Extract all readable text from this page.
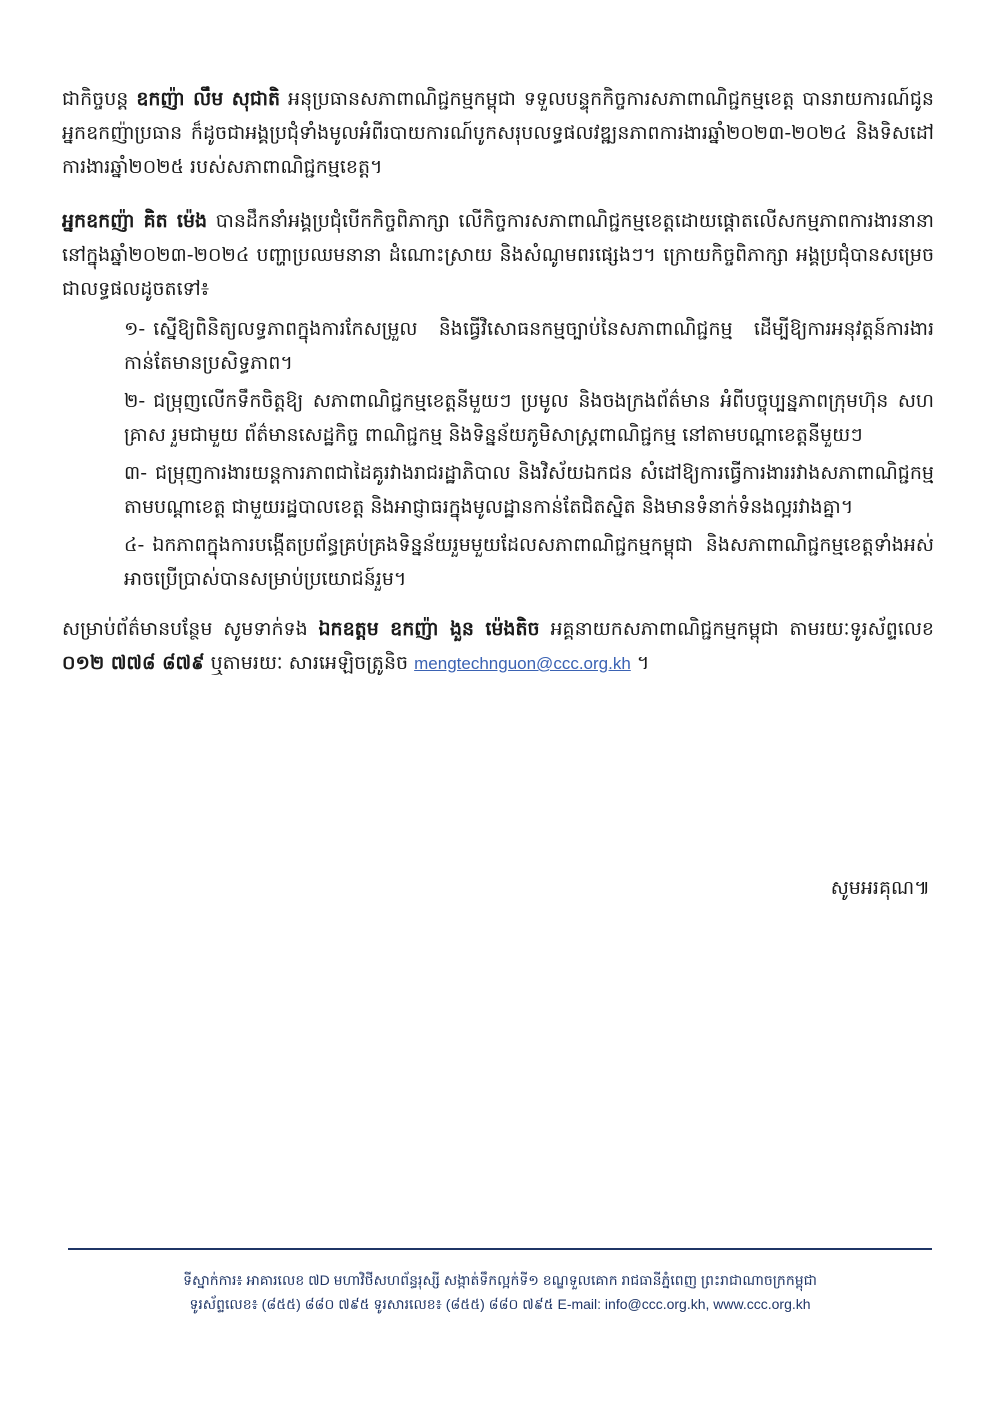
ជាកិច្ចបន្ត ឧកញ៉ា លឹម សុជាតិ អនុប្រធានសភាពាណិជ្ជកម្មកម្ពុជា ទទួលបន្ទុកកិច្ចការសភាពាណិជ្ជកម្មខេត្ត បានរាយការណ៍ជូន អ្នកឧកញ៉ាប្រធាន ក៏ដូចជាអង្គប្រជុំទាំងមូលអំពីរបាយការណ៍បូកសរុបលទ្ធផលវឌ្ឍនភាពការងារឆ្នាំ២០២៣-២០២៤ និងទិសដៅការងារឆ្នាំ២០២៥ របស់សភាពាណិជ្ជកម្មខេត្ត។

អ្នកឧកញ៉ា គិត ម៉េង បានដឹកនាំអង្គប្រជុំបើកកិច្ចពិភាក្សា លើកិច្ចការសភាពាណិជ្ជកម្មខេត្តដោយផ្តោតលើសកម្មភាពការងារនានានៅក្នុងឆ្នាំ២០២៣-២០២៤ បញ្ហាប្រឈមនានា ដំណោះស្រាយ និងសំណូមពរផ្សេងៗ។ ក្រោយកិច្ចពិភាក្សា អង្គប្រជុំបានសម្រេចជាលទ្ធផលដូចតទៅ៖

១- ស្នើឱ្យពិនិត្យលទ្ធភាពក្នុងការកែសម្រួល និងធ្វើវិសោធនកម្មច្បាប់នៃសភាពាណិជ្ជកម្ម ដើម្បីឱ្យការអនុវត្តន៍ការងារកាន់តែមានប្រសិទ្ធភាព។

២- ជម្រុញលើកទឹកចិត្តឱ្យ សភាពាណិជ្ជកម្មខេត្តនីមួយៗ ប្រមូល និងចងក្រងព័ត៌មាន អំពីបច្ចុប្បន្នភាពក្រុមហ៊ុន សហគ្រាស រួមជាមួយ ព័ត៌មានសេដ្ឋកិច្ច ពាណិជ្ជកម្ម និងទិន្នន័យភូមិសាស្ត្រពាណិជ្ជកម្ម នៅតាមបណ្តាខេត្តនីមួយៗ

៣- ជម្រុញការងារយន្តការភាពជាដៃគូរវាងរាជរដ្ឋាភិបាល និងវិស័យឯកជន សំដៅឱ្យការធ្វើការងាររវាងសភាពាណិជ្ជកម្មតាមបណ្តាខេត្ត ជាមួយរដ្ឋបាលខេត្ត និងអាជ្ញាធរក្នុងមូលដ្ឋានកាន់តែជិតស្និត និងមានទំនាក់ទំនងល្អរវាងគ្នា។

៤- ឯកភាពក្នុងការបង្កើតប្រព័ន្ធគ្រប់គ្រងទិន្នន័យរួមមួយដែលសភាពាណិជ្ជកម្មកម្ពុជា និងសភាពាណិជ្ជកម្មខេត្តទាំងអស់អាចប្រើប្រាស់បានសម្រាប់ប្រយោជន៍រួម។

សម្រាប់ព័ត៌មានបន្ថែម សូមទាក់ទង ឯកឧត្តម ឧកញ៉ា ងួន ម៉េងតិច អគ្គនាយកសភាពាណិជ្ជកម្មកម្ពុជា តាមរយៈទូរស័ព្ទលេខ ០១២ ៧៧៨ ៨៧៩ ឬតាមរយៈ សារអេឡិចត្រូនិច mengtechnguon@ccc.org.kh ។

សូមអរគុណ៕
ទីស្នាក់ការ៖ អាគារលេខ ៧D មហាវិថីសហព័ន្ធរុស្សី សង្កាត់ទឹកល្អក់ទី១ ខណ្ឌទួលគោក រាជធានីភ្នំពេញ ព្រះរាជាណាចក្រកម្ពុជា
ទូរស័ព្ទលេខ៖ (៨៥៥) ៨៨០ ៧៩៥ ទូរសារលេខ៖ (៨៥៥) ៨៨០ ៧៩៥ E-mail: info@ccc.org.kh, www.ccc.org.kh
